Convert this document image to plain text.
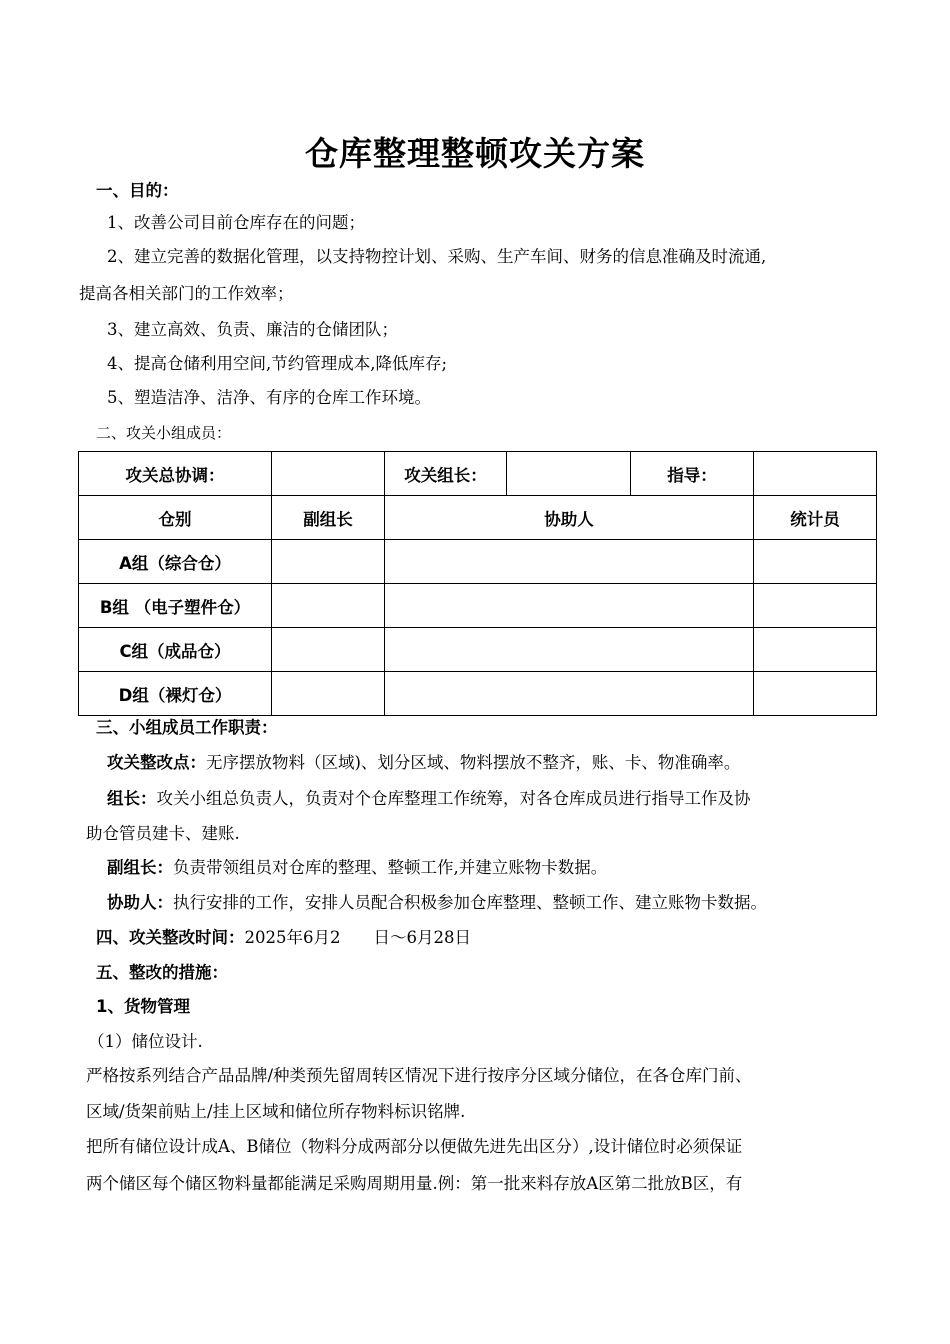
仓库整理整顿攻关方案
一、目的：
1、改善公司目前仓库存在的问题；
2、建立完善的数据化管理，以支持物控计划、采购、生产车间、财务的信息准确及时流通,
提高各相关部门的工作效率；
3、建立高效、负责、廉洁的仓储团队；
4、提高仓储利用空间,节约管理成本,降低库存;
5、塑造洁净、洁净、有序的仓库工作环境。
二、攻关小组成员：
攻关总协调：		攻关组长：		指导：	
仓别	副组长	协助人			统计员
A组（综合仓）					
B组 （电子塑件仓）					
C组（成品仓）					
D组（裸灯仓）					
三、小组成员工作职责：
攻关整改点：无序摆放物料（区域)、划分区域、物料摆放不整齐，账、卡、物准确率。
组长：攻关小组总负责人，负责对个仓库整理工作统筹，对各仓库成员进行指导工作及协
助仓管员建卡、建账.
副组长：负责带领组员对仓库的整理、整顿工作,并建立账物卡数据。
协助人：执行安排的工作，安排人员配合积极参加仓库整理、整顿工作、建立账物卡数据。
四、攻关整改时间：2025年6月2　　日～6月28日
五、整改的措施：
1、货物管理
（1）储位设计.
严格按系列结合产品品牌/种类预先留周转区情况下进行按序分区域分储位，在各仓库门前、
区域/货架前贴上/挂上区域和储位所存物料标识铭牌.
把所有储位设计成A、B储位（物料分成两部分以便做先进先出区分）,设计储位时必须保证
两个储区每个储区物料量都能满足采购周期用量.例：第一批来料存放A区第二批放B区，有
